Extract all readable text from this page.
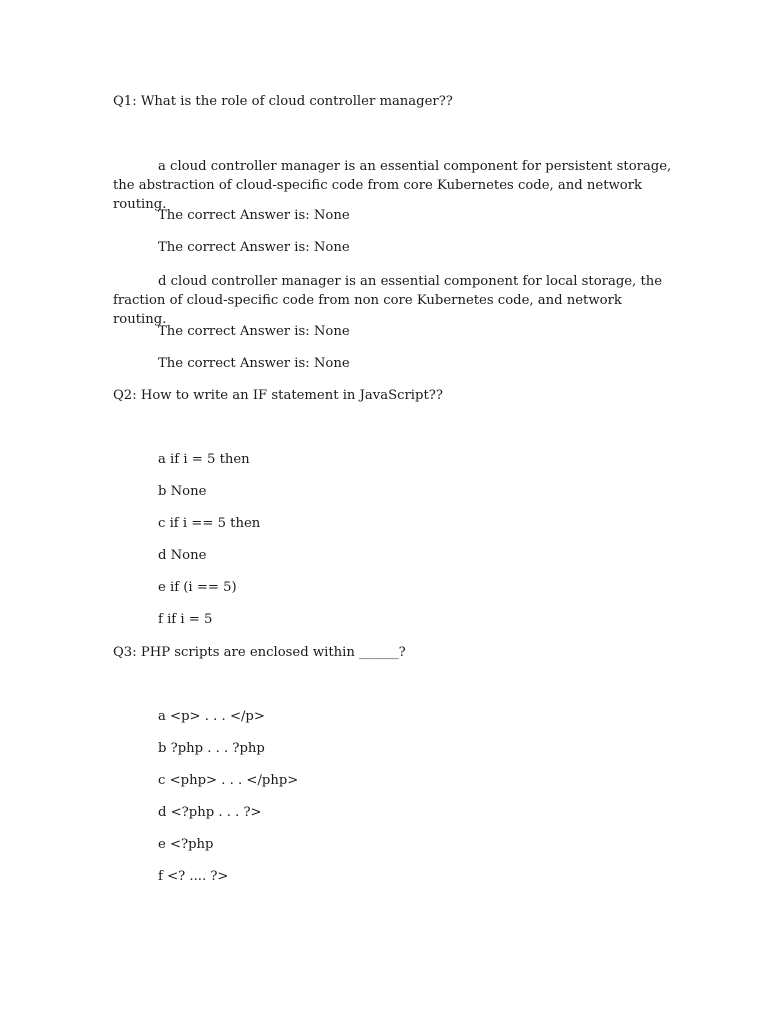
Q1: What is the role of cloud controller manager??
a cloud controller manager is an essential component for persistent storage, the abstraction of cloud-specific code from core Kubernetes code, and network routing.
The correct Answer is: None
The correct Answer is: None
d cloud controller manager is an essential component for local storage, the fraction of cloud-specific code from non core Kubernetes code, and network routing.
The correct Answer is: None
The correct Answer is: None
Q2: How to write an IF statement in JavaScript??
a if i = 5 then
b None
c if i == 5 then
d None
e if (i == 5)
f if i = 5
Q3: PHP scripts are enclosed within ______?
a <p> . . . </p>
b ?php . . . ?php
c <php> . . . </php>
d <?php . . . ?>
e <?php
f <? .... ?>
